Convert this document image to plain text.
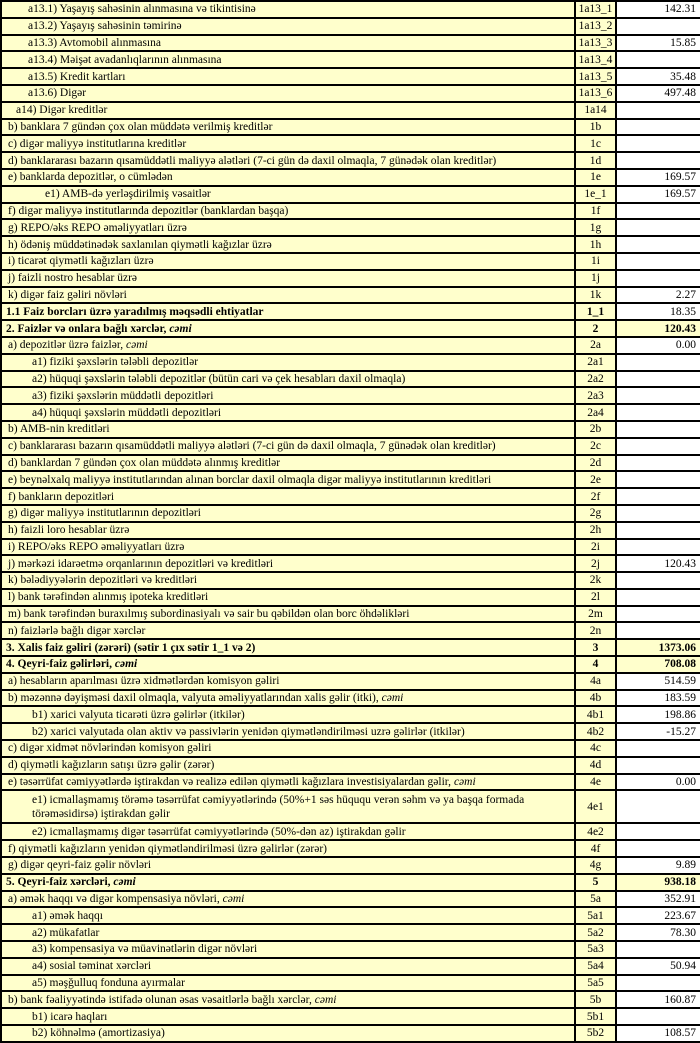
a13.1) Yaşayış sahəsinin alınmasına və tikintisinə	1a13_1	142.31
a13.2) Yaşayış sahəsinin təmirinə	1a13_2	
a13.3) Avtomobil alınmasına	1a13_3	15.85
a13.4) Məişət avadanlıqlarının alınmasına	1a13_4	
a13.5) Kredit kartları	1a13_5	35.48
a13.6) Digər	1a13_6	497.48
a14) Digər kreditlər	1a14	
b) banklara 7 gündən çox olan müddətə verilmiş kreditlər	1b	
c) digər maliyyə institutlarına kreditlər	1c	
d) banklararası bazarın qısamüddətli maliyyə alətləri (7-ci gün də daxil olmaqla, 7 günədək olan kreditlər)	1d	
e) banklarda depozitlər, o cümlədən	1e	169.57
e1) AMB-də yerləşdirilmiş vəsaitlər	1e_1	169.57
f) digər maliyyə institutlarında depozitlər (banklardan başqa)	1f	
g) REPO/əks REPO əməliyyatları üzrə	1g	
h) ödəniş müddətinədək saxlanılan qiymətli kağızlar üzrə	1h	
i) ticarət qiymətli kağızları üzrə	1i	
j) faizli nostro hesablar üzrə	1j	
k) digər faiz gəliri növləri	1k	2.27
1.1 Faiz borcları üzrə yaradılmış məqsədli ehtiyatlar	1_1	18.35
2. Faizlər və onlara bağlı xərclər, cəmi	2	120.43
a) depozitlər üzrə faizlər, cəmi	2a	0.00
a1) fiziki şəxslərin tələbli depozitlər	2a1	
a2) hüquqi şəxslərin tələbli depozitlər (bütün cari və çek hesabları daxil olmaqla)	2a2	
a3) fiziki şəxslərin müddətli depozitləri	2a3	
a4) hüquqi şəxslərin müddətli depozitləri	2a4	
b) AMB-nin kreditləri	2b	
c) banklararası bazarın qısamüddətli maliyyə alətləri (7-ci gün də daxil olmaqla, 7 günədək olan kreditlər)	2c	
d) banklardan 7 gündən çox olan müddətə alınmış kreditlər	2d	
e) beynəlxalq maliyyə institutlarından alınan borclar daxil olmaqla digər maliyyə institutlarının kreditləri	2e	
f) bankların depozitləri	2f	
g) digər maliyyə institutlarının depozitləri	2g	
h) faizli loro hesablar üzrə	2h	
i) REPO/əks REPO əməliyyatları üzrə	2i	
j) mərkəzi idarəetmə orqanlarının depozitləri və kreditləri	2j	120.43
k) bələdiyyələrin depozitləri və kreditləri	2k	
l) bank tərəfindən alınmış ipoteka kreditləri	2l	
m) bank tərəfindən buraxılmış subordinasiyalı və sair bu qəbildən olan borc öhdəlikləri	2m	
n) faizlərlə bağlı digər xərclər	2n	
3. Xalis faiz gəliri (zərəri) (sətir 1 çıx sətir 1_1 və 2)	3	1373.06
4. Qeyri-faiz gəlirləri, cəmi	4	708.08
a) hesabların aparılması üzrə xidmətlərdən komisyon gəliri	4a	514.59
b) məzənnə dəyişməsi daxil olmaqla, valyuta əməliyyatlarından xalis gəlir (itki), cəmi	4b	183.59
b1) xarici valyuta ticarəti üzrə gəlirlər (itkilər)	4b1	198.86
b2) xarici valyutada olan aktiv və passivlərin yenidən qiymətləndirilməsi uzrə gəlirlər (itkilər)	4b2	-15.27
c) digər xidmət növlərindən komisyon gəliri	4c	
d) qiymətli kağızların satışı üzrə gəlir (zərər)	4d	
e) təsərrüfat cəmiyyətlərdə iştirakdan və realizə edilən qiymətli kağızlara investisiyalardan gəlir, cəmi	4e	0.00
e1) icmallaşmamış törəmə təsərrüfat cəmiyyətlərində (50%+1 səs hüququ verən səhm və ya başqa formada törəməsidirsə) iştirakdan gəlir	4e1	
e2) icmallaşmamış digər təsərrüfat cəmiyyətlərində (50%-dən az) iştirakdan gəlir	4e2	
f) qiymətli kağızların yenidən qiymətləndirilməsi üzrə gəlirlər (zərər)	4f	
g) digər qeyri-faiz gəlir növləri	4g	9.89
5. Qeyri-faiz xərcləri, cəmi	5	938.18
a) əmək haqqı və digər kompensasiya növləri, cəmi	5a	352.91
a1) əmək haqqı	5a1	223.67
a2) mükafatlar	5a2	78.30
a3) kompensasiya və müavinətlərin digər növləri	5a3	
a4) sosial təminat xərcləri	5a4	50.94
a5) məşğulluq fonduna ayırmalar	5a5	
b) bank fəaliyyətində istifadə olunan əsas vəsaitlərlə bağlı xərclər, cəmi	5b	160.87
b1) icarə haqları	5b1	
b2) köhnəlmə (amortizasiya)	5b2	108.57
